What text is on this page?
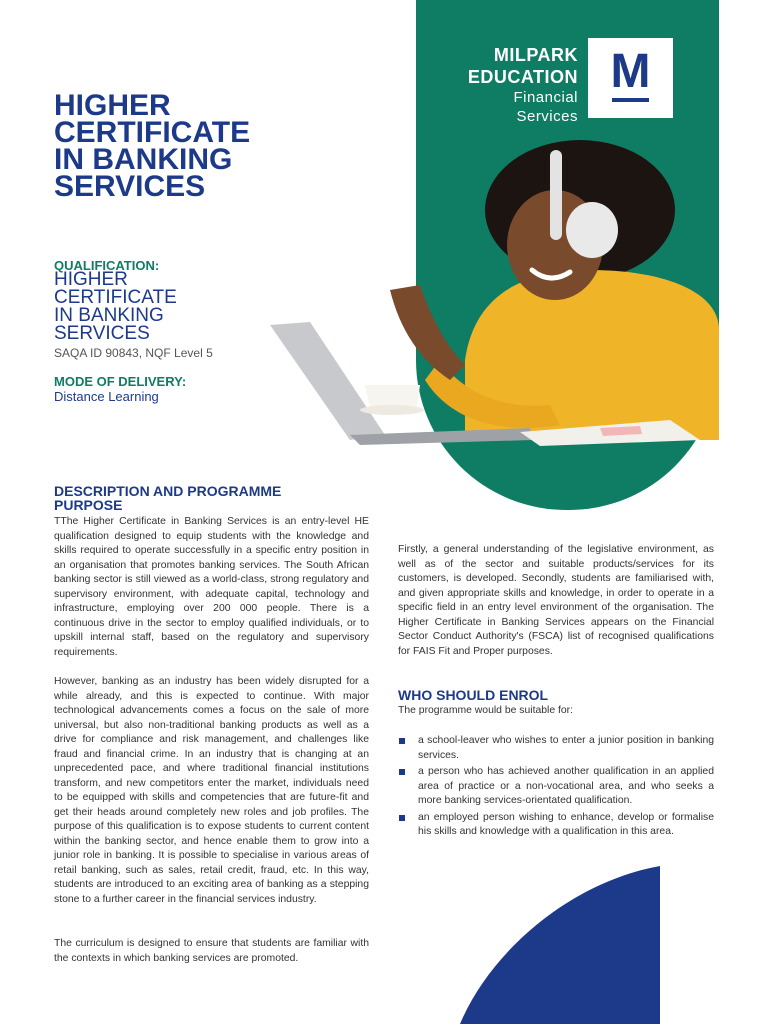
MILPARK
EDUCATION
Financial
Services
M
HIGHER
CERTIFICATE
IN BANKING
SERVICES
QUALIFICATION:
HIGHER
CERTIFICATE
IN BANKING
SERVICES
SAQA ID 90843, NQF Level 5
MODE OF DELIVERY:
Distance Learning
DESCRIPTION AND PROGRAMME
PURPOSE

TThe Higher Certificate in Banking Services is an entry-level HE qualification designed to equip students with the knowledge and skills required to operate successfully in a specific entry position in an organisation that promotes banking services. The South African banking sector is still viewed as a world-class, strong regulatory and supervisory environment, with adequate capital, technology and infrastructure, employing over 200 000 people. There is a continuous drive in the sector to employ qualified individuals, or to upskill internal staff, based on the regulatory and supervisory requirements.

However, banking as an industry has been widely disrupted for a while already, and this is expected to continue. With major technological advancements comes a focus on the sale of more universal, but also non-traditional banking products as well as a drive for compliance and risk management, and challenges like fraud and financial crime. In an industry that is changing at an unprecedented pace, and where traditional financial institutions transform, and new competitors enter the market, individuals need to be equipped with skills and competencies that are future-fit and get their heads around completely new roles and job profiles. The purpose of this qualification is to expose students to current content within the banking sector, and hence enable them to grow into a junior role in banking. It is possible to specialise in various areas of retail banking, such as sales, retail credit, fraud, etc. In this way, students are introduced to an exciting area of banking as a stepping stone to a further career in the financial services industry.

The curriculum is designed to ensure that students are familiar with the contexts in which banking services are promoted.

Firstly, a general understanding of the legislative environment, as well as of the sector and suitable products/services for its customers, is developed. Secondly, students are familiarised with, and given appropriate skills and knowledge, in order to operate in a specific field in an entry level environment of the organisation. The Higher Certificate in Banking Services appears on the Financial Sector Conduct Authority's (FSCA) list of recognised qualifications for FAIS Fit and Proper purposes.

WHO SHOULD ENROL

The programme would be suitable for:

a school-leaver who wishes to enter a junior position in banking services.
a person who has achieved another qualification in an applied area of practice or a non-vocational area, and who seeks a more banking services-orientated qualification.
an employed person wishing to enhance, develop or formalise his skills and knowledge with a qualification in this area.
